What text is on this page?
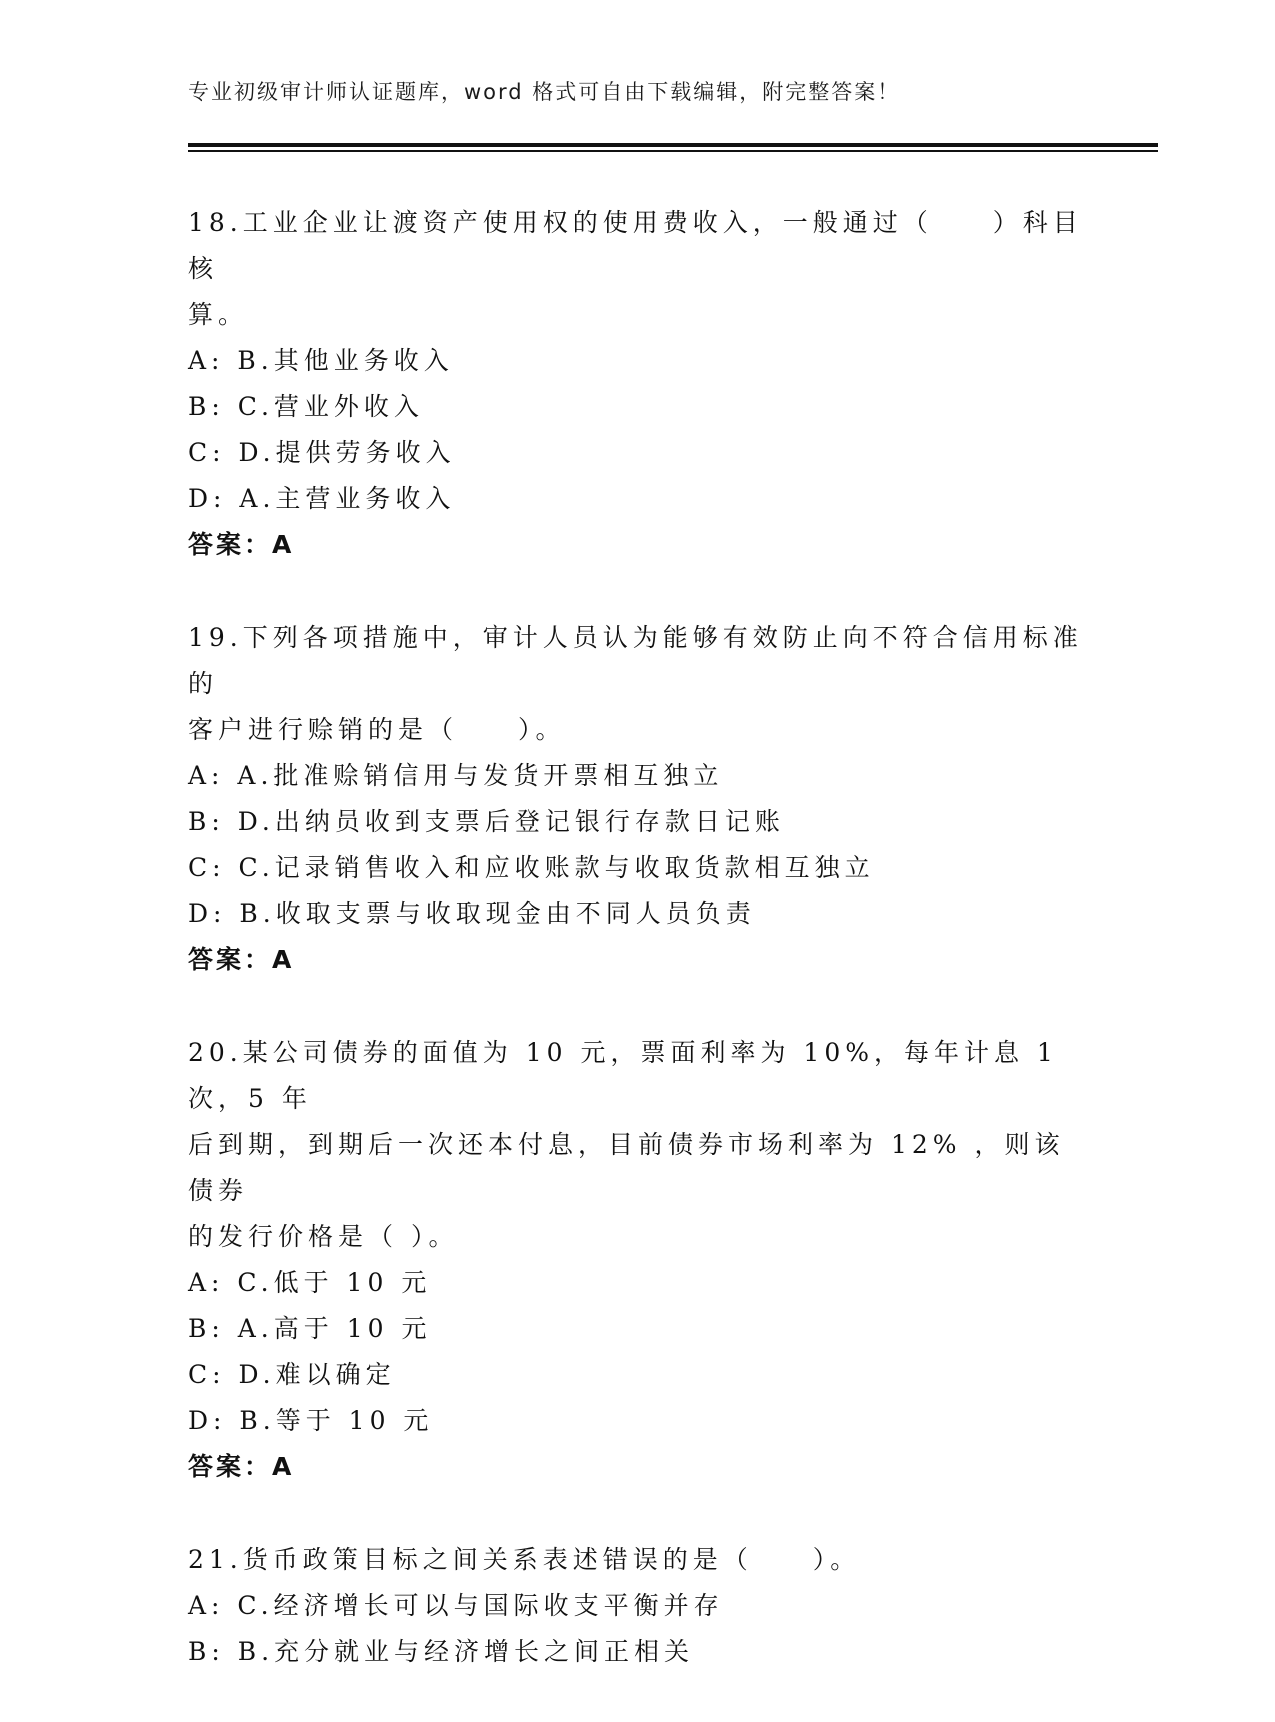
专业初级审计师认证题库，word 格式可自由下载编辑，附完整答案！
18.工业企业让渡资产使用权的使用费收入，一般通过（　　）科目核
算。
A: B.其他业务收入
B: C.营业外收入
C: D.提供劳务收入
D: A.主营业务收入
答案：A
19.下列各项措施中，审计人员认为能够有效防止向不符合信用标准的
客户进行赊销的是（　　）。
A: A.批准赊销信用与发货开票相互独立
B: D.出纳员收到支票后登记银行存款日记账
C: C.记录销售收入和应收账款与收取货款相互独立
D: B.收取支票与收取现金由不同人员负责
答案：A
20.某公司债券的面值为 10 元，票面利率为 10%，每年计息 1 次，5 年
后到期，到期后一次还本付息，目前债券市场利率为 12% ，则该债券
的发行价格是（ ）。
A: C.低于 10 元
B: A.高于 10 元
C: D.难以确定
D: B.等于 10 元
答案：A
21.货币政策目标之间关系表述错误的是（　　）。
A: C.经济增长可以与国际收支平衡并存
B: B.充分就业与经济增长之间正相关
